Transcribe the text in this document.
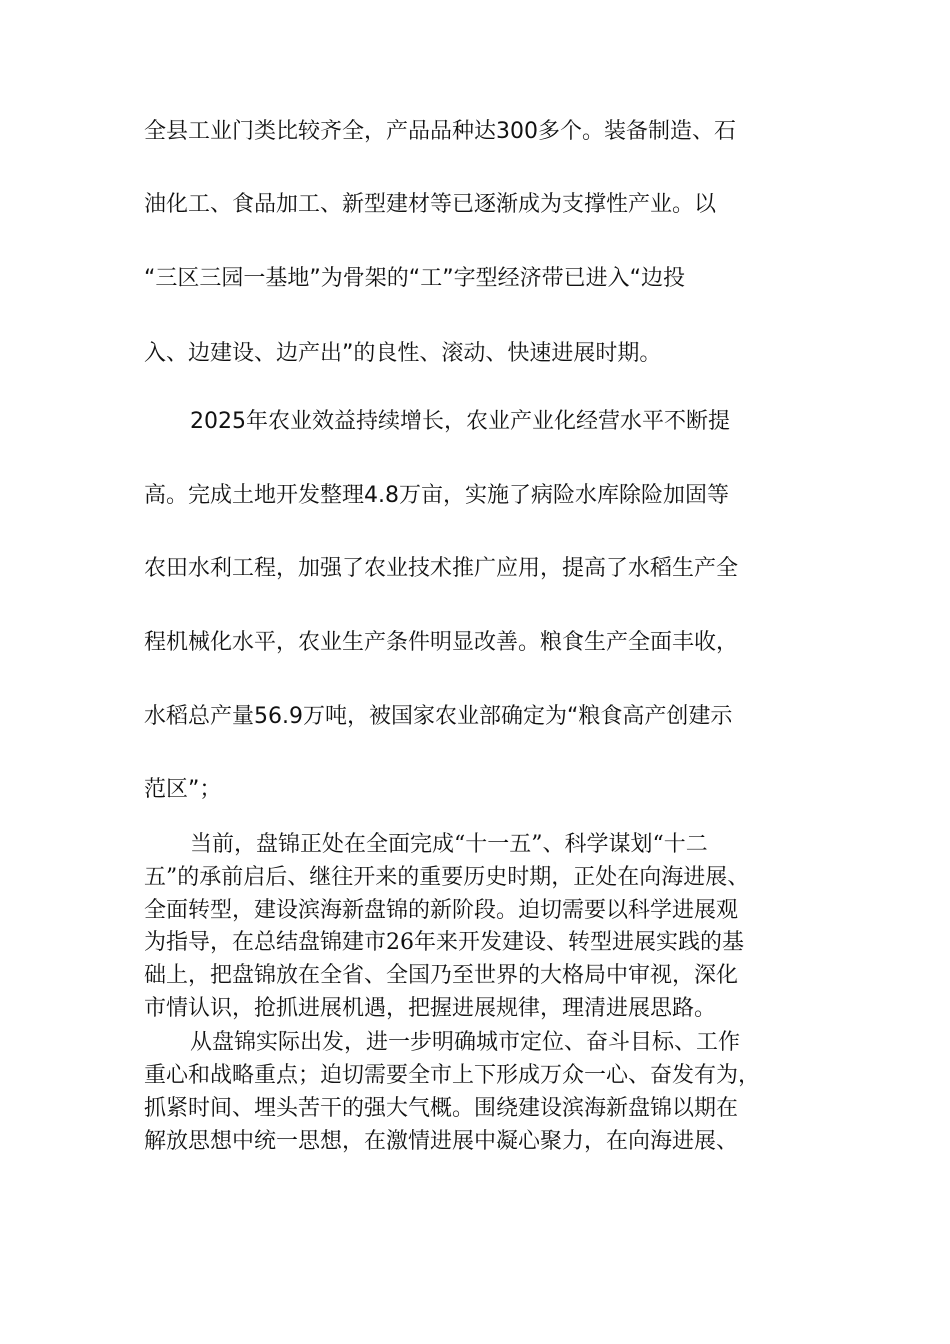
全县工业门类比较齐全，产品品种达300多个。装备制造、石
油化工、食品加工、新型建材等已逐渐成为支撑性产业。以
“三区三园一基地”为骨架的“工”字型经济带已进入“边投
入、边建设、边产出”的良性、滚动、快速进展时期。
2025年农业效益持续增长，农业产业化经营水平不断提
高。完成土地开发整理4.8万亩，实施了病险水库除险加固等
农田水利工程，加强了农业技术推广应用，提高了水稻生产全
程机械化水平，农业生产条件明显改善。粮食生产全面丰收，
水稻总产量56.9万吨，被国家农业部确定为“粮食高产创建示
范区”；
当前，盘锦正处在全面完成“十一五”、科学谋划“十二
五”的承前启后、继往开来的重要历史时期，正处在向海进展、
全面转型，建设滨海新盘锦的新阶段。迫切需要以科学进展观
为指导，在总结盘锦建市26年来开发建设、转型进展实践的基
础上，把盘锦放在全省、全国乃至世界的大格局中审视，深化
市情认识，抢抓进展机遇，把握进展规律，理清进展思路。
从盘锦实际出发，进一步明确城市定位、奋斗目标、工作
重心和战略重点；迫切需要全市上下形成万众一心、奋发有为，
抓紧时间、埋头苦干的强大气概。围绕建设滨海新盘锦以期在
解放思想中统一思想，在激情进展中凝心聚力，在向海进展、
